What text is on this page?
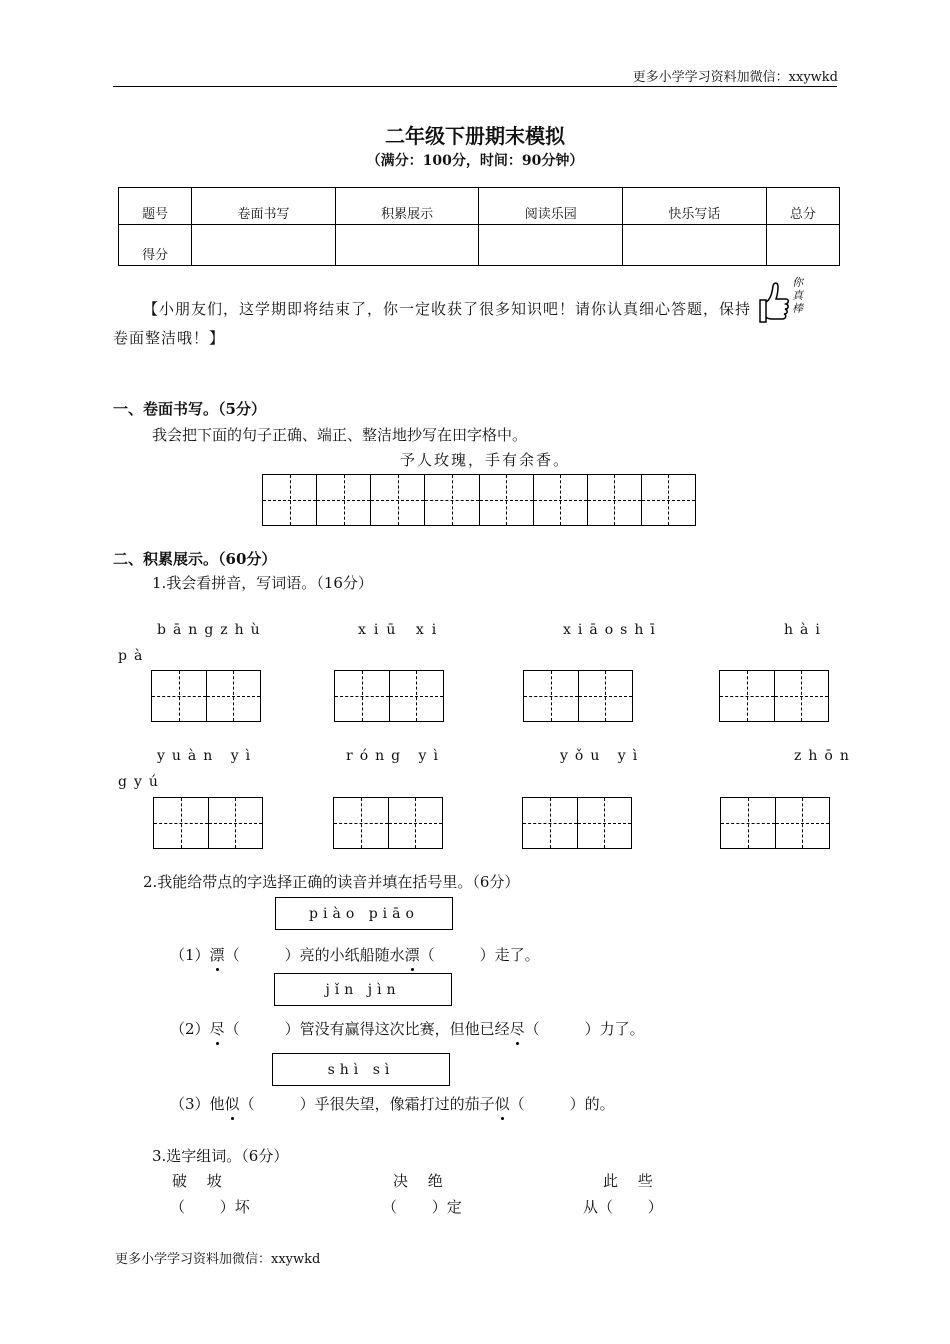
更多小学学习资料加微信：xxywkd
二年级下册期末模拟
（满分：100分，时间：90分钟）
题号	卷面书写	积累展示	阅读乐园	快乐写话	总分
得分					
【小朋友们，这学期即将结束了，你一定收获了很多知识吧！请你认真细心答题，保持卷面整洁哦！】
你真棒
一、卷面书写。（5分）
我会把下面的句子正确、端正、整洁地抄写在田字格中。
予人玫瑰，手有余香。
二、积累展示。（60分）
1.我会看拼音，写词语。（16分）
bāngzhù	xiū xi	xiāoshī	hài
pà
yuàn yì	róng yì	yǒu yì	zhōn
gyú
2.我能给带点的字选择正确的读音并填在括号里。（6分）
piào piāo
（1）漂（　　　）亮的小纸船随水漂（　　　）走了。
jǐn jìn
（2）尽（　　　）管没有赢得这次比赛，但他已经尽（　　　）力了。
shì sì
（3）他似（　　　）乎很失望，像霜打过的茄子似（　　　）的。
3.选字组词。（6分）
破　 坡	决　 绝	此　 些
（　　 ）坏	（　　 ）定	从（　　 ）
更多小学学习资料加微信：xxywkd
